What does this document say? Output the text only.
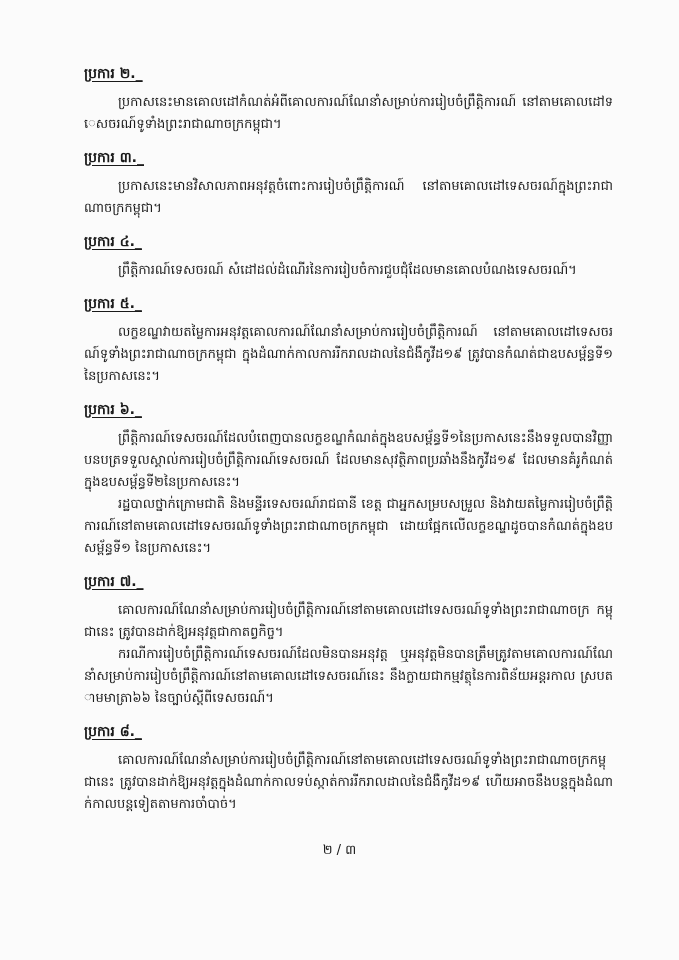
ប្រការ ២._

ប្រកាសនេះមានគោលដៅកំណត់អំពីគោលការណ៍ណែនាំសម្រាប់ការរៀបចំព្រឹត្តិការណ៍ នៅតាមគោលដៅទេសចរណ៍ទូទាំងព្រះរាជាណាចក្រកម្ពុជា។

ប្រការ ៣._

ប្រកាសនេះមានវិសាលភាពអនុវត្តចំពោះការរៀបចំព្រឹត្តិការណ៍ នៅតាមគោលដៅទេសចរណ៍ក្នុងព្រះរាជាណាចក្រកម្ពុជា។

ប្រការ ៤._

ព្រឹត្តិការណ៍ទេសចរណ៍ សំដៅដល់ដំណើរនៃការរៀបចំការជួបជុំដែលមានគោលបំណងទេសចរណ៍។

ប្រការ ៥._

លក្ខខណ្ឌវាយតម្លៃការអនុវត្តគោលការណ៍ណែនាំសម្រាប់ការរៀបចំព្រឹត្តិការណ៍ នៅតាមគោលដៅទេសចរណ៍ទូទាំងព្រះរាជាណាចក្រកម្ពុជា ក្នុងដំណាក់កាលការរីករាលដាលនៃជំងឺកូវីដ១៩ ត្រូវបានកំណត់ជាឧបសម្ព័ន្ធទី១នៃប្រកាសនេះ។

ប្រការ ៦._

ព្រឹត្តិការណ៍ទេសចរណ៍ដែលបំពេញបានលក្ខខណ្ឌកំណត់ក្នុងឧបសម្ព័ន្ធទី១នៃប្រកាសនេះនឹងទទួលបានវិញ្ញាបនបត្រទទួលស្គាល់ការរៀបចំព្រឹត្តិការណ៍ទេសចរណ៍ ដែលមានសុវត្ថិភាពប្រឆាំងនឹងកូវីដ១៩ ដែលមានគំរូកំណត់ក្នុងឧបសម្ព័ន្ធទី២នៃប្រកាសនេះ។

រដ្ឋបាលថ្នាក់ក្រោមជាតិ និងមន្ទីរទេសចរណ៍រាជធានី ខេត្ត ជាអ្នកសម្របសម្រួល និងវាយតម្លៃការរៀបចំព្រឹត្តិការណ៍នៅតាមគោលដៅទេសចរណ៍ទូទាំងព្រះរាជាណាចក្រកម្ពុជា ដោយផ្អែកលើលក្ខខណ្ឌដូចបានកំណត់ក្នុងឧបសម្ព័ន្ធទី១ នៃប្រកាសនេះ។

ប្រការ ៧._

គោលការណ៍ណែនាំសម្រាប់ការរៀបចំព្រឹត្តិការណ៍នៅតាមគោលដៅទេសចរណ៍ទូទាំងព្រះរាជាណាចក្រ កម្ពុជានេះ ត្រូវបានដាក់ឱ្យអនុវត្តជាកាតព្វកិច្ច។

ករណីការរៀបចំព្រឹត្តិការណ៍ទេសចរណ៍ដែលមិនបានអនុវត្ត ឬអនុវត្តមិនបានត្រឹមត្រូវតាមគោលការណ៍ណែនាំសម្រាប់ការរៀបចំព្រឹត្តិការណ៍នៅតាមគោលដៅទេសចរណ៍នេះ នឹងក្លាយជាកម្មវត្ថុនៃការពិន័យអន្តរកាល ស្របតាមមាត្រា៦៦ នៃច្បាប់ស្តីពីទេសចរណ៍។

ប្រការ ៨._

គោលការណ៍ណែនាំសម្រាប់ការរៀបចំព្រឹត្តិការណ៍នៅតាមគោលដៅទេសចរណ៍ទូទាំងព្រះរាជាណាចក្រកម្ពុជានេះ ត្រូវបានដាក់ឱ្យអនុវត្តក្នុងដំណាក់កាលទប់ស្កាត់ការរីករាលដាលនៃជំងឺកូវីដ១៩ ហើយអាចនឹងបន្តក្នុងដំណាក់កាលបន្តទៀតតាមការចាំបាច់។

២ / ៣
